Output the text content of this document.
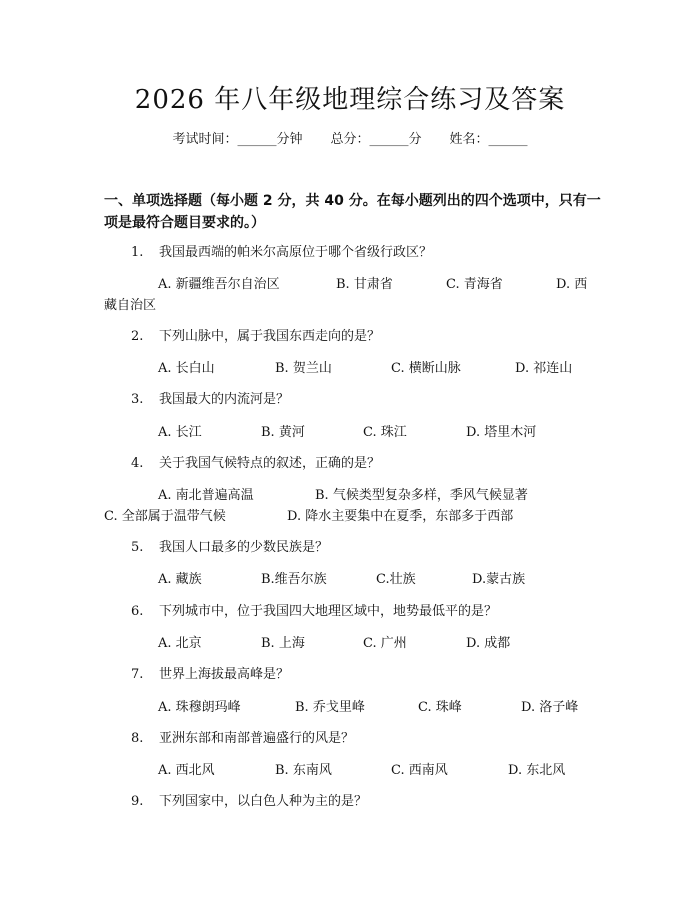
2026 年八年级地理综合练习及答案
考试时间：______分钟 总分：______分 姓名：______
一、单项选择题（每小题 2 分，共 40 分。在每小题列出的四个选项中，只有一项是最符合题目要求的。）
1. 我国最西端的帕米尔高原位于哪个省级行政区？
A. 新疆维吾尔自治区	B. 甘肃省	C. 青海省	D. 西
藏自治区
2. 下列山脉中，属于我国东西走向的是？
A. 长白山	B. 贺兰山	C. 横断山脉	D. 祁连山
3. 我国最大的内流河是？
A. 长江	B. 黄河	C. 珠江	D. 塔里木河
4. 关于我国气候特点的叙述，正确的是？
A. 南北普遍高温	B. 气候类型复杂多样，季风气候显著
C. 全部属于温带气候	D. 降水主要集中在夏季，东部多于西部
5. 我国人口最多的少数民族是？
A. 藏族	B.维吾尔族	C.壮族	D.蒙古族
6. 下列城市中，位于我国四大地理区域中，地势最低平的是？
A. 北京	B. 上海	C. 广州	D. 成都
7. 世界上海拔最高峰是？
A. 珠穆朗玛峰	B. 乔戈里峰	C. 珠峰	D. 洛子峰
8. 亚洲东部和南部普遍盛行的风是？
A. 西北风	B. 东南风	C. 西南风	D. 东北风
9. 下列国家中，以白色人种为主的是？
